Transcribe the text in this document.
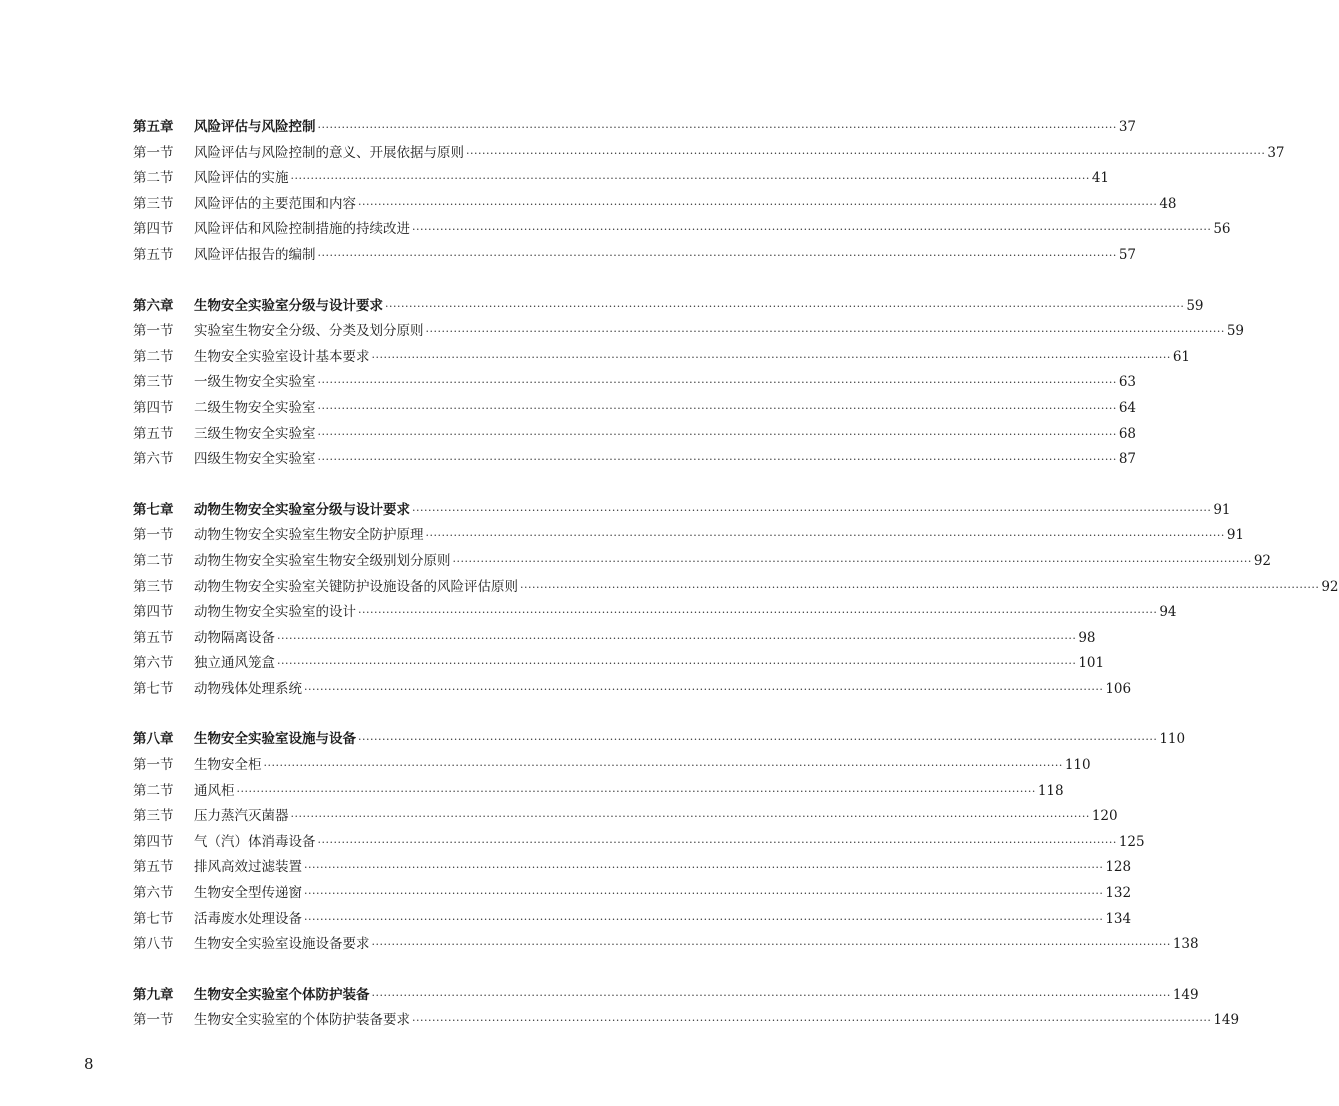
第五章	风险评估与风险控制 ········································································································································································································ 37
第一节	风险评估与风险控制的意义、开展依据与原则 ········································································································································································································ 37
第二节	风险评估的实施 ········································································································································································································ 41
第三节	风险评估的主要范围和内容 ········································································································································································································ 48
第四节	风险评估和风险控制措施的持续改进 ········································································································································································································ 56
第五节	风险评估报告的编制 ········································································································································································································ 57
第六章	生物安全实验室分级与设计要求 ········································································································································································································ 59
第一节	实验室生物安全分级、分类及划分原则 ········································································································································································································ 59
第二节	生物安全实验室设计基本要求 ········································································································································································································ 61
第三节	一级生物安全实验室 ········································································································································································································ 63
第四节	二级生物安全实验室 ········································································································································································································ 64
第五节	三级生物安全实验室 ········································································································································································································ 68
第六节	四级生物安全实验室 ········································································································································································································ 87
第七章	动物生物安全实验室分级与设计要求 ········································································································································································································ 91
第一节	动物生物安全实验室生物安全防护原理 ········································································································································································································ 91
第二节	动物生物安全实验室生物安全级别划分原则 ········································································································································································································ 92
第三节	动物生物安全实验室关键防护设施设备的风险评估原则 ········································································································································································································ 92
第四节	动物生物安全实验室的设计 ········································································································································································································ 94
第五节	动物隔离设备 ········································································································································································································ 98
第六节	独立通风笼盒 ········································································································································································································ 101
第七节	动物残体处理系统 ········································································································································································································ 106
第八章	生物安全实验室设施与设备 ········································································································································································································ 110
第一节	生物安全柜 ········································································································································································································ 110
第二节	通风柜 ········································································································································································································ 118
第三节	压力蒸汽灭菌器 ········································································································································································································ 120
第四节	气（汽）体消毒设备 ········································································································································································································ 125
第五节	排风高效过滤装置 ········································································································································································································ 128
第六节	生物安全型传递窗 ········································································································································································································ 132
第七节	活毒废水处理设备 ········································································································································································································ 134
第八节	生物安全实验室设施设备要求 ········································································································································································································ 138
第九章	生物安全实验室个体防护装备 ········································································································································································································ 149
第一节	生物安全实验室的个体防护装备要求 ········································································································································································································ 149
8
